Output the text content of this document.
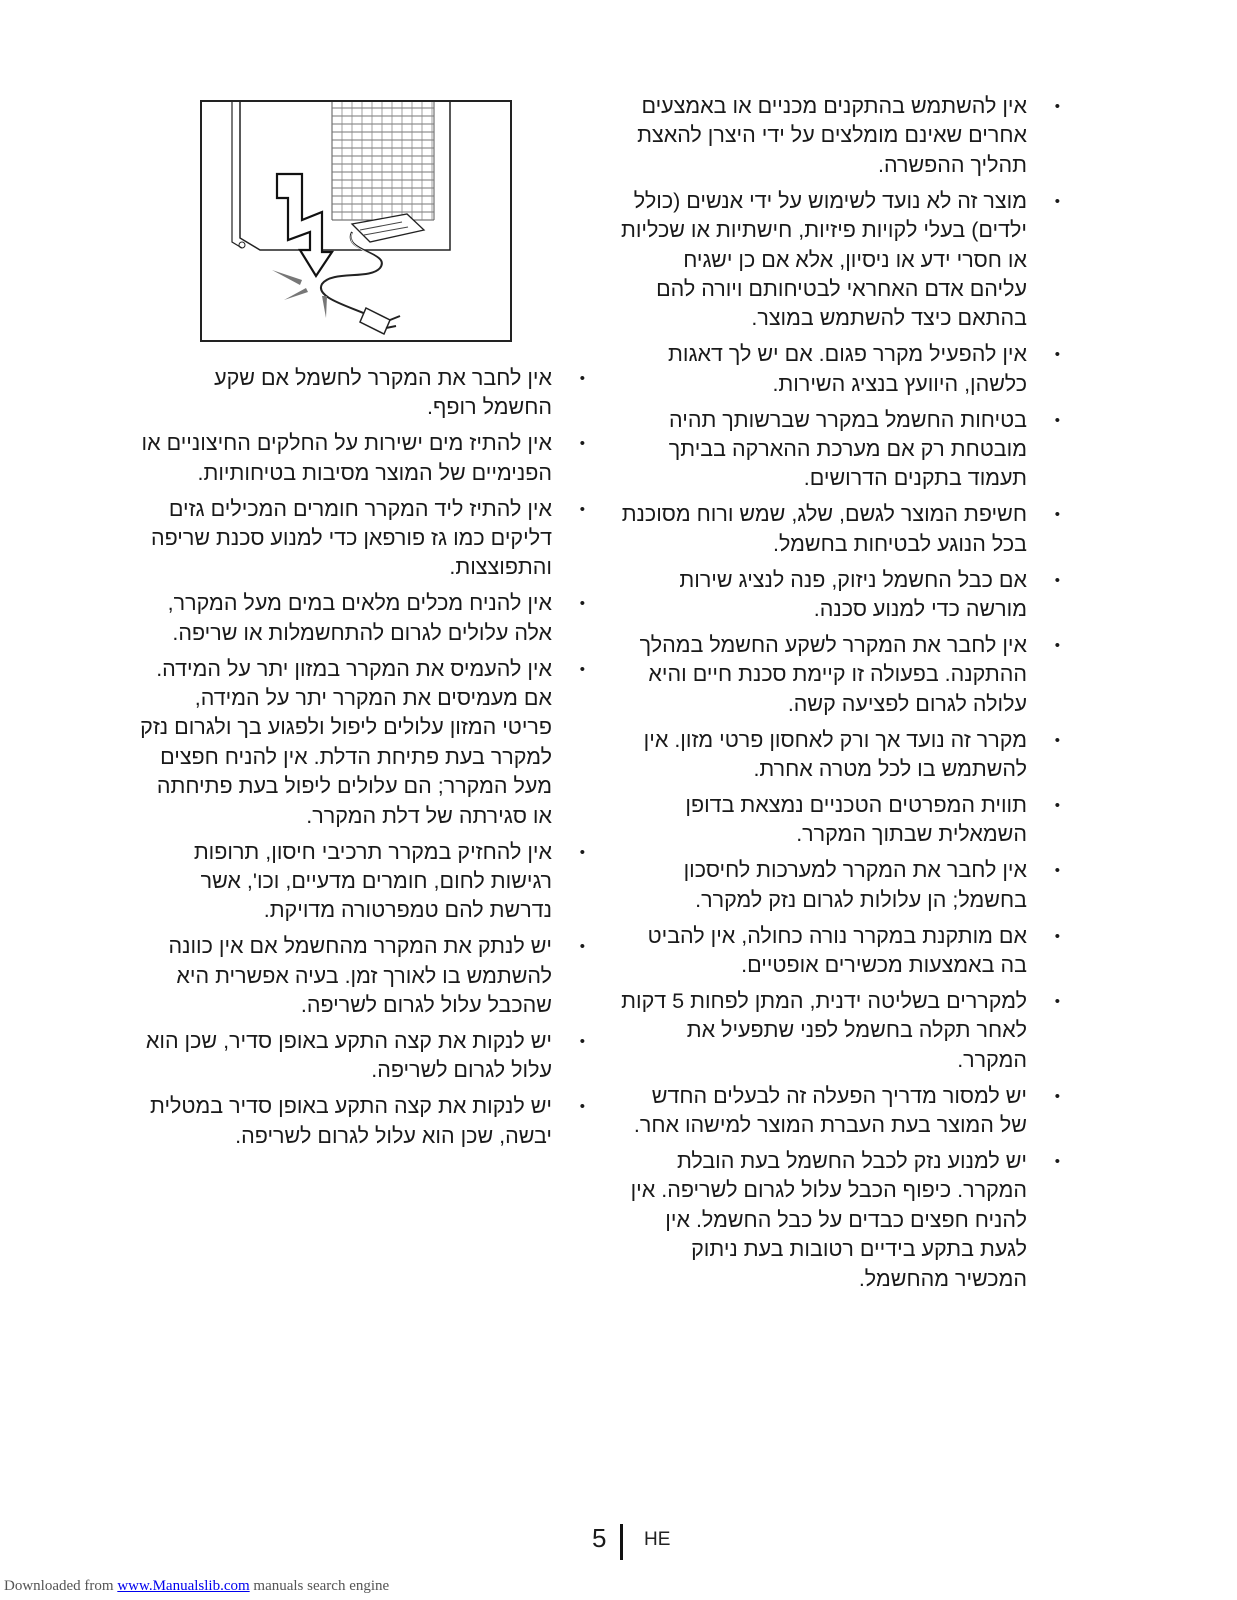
•
אין להשתמש בהתקנים מכניים או באמצעים אחרים שאינם מומלצים על ידי היצרן להאצת תהליך ההפשרה.
•
מוצר זה לא נועד לשימוש על ידי אנשים (כולל ילדים) בעלי לקויות פיזיות, חישתיות או שכליות או חסרי ידע או ניסיון, אלא אם כן ישגיח עליהם אדם האחראי לבטיחותם ויורה להם בהתאם כיצד להשתמש במוצר.
•
אין להפעיל מקרר פגום. אם יש לך דאגות כלשהן, היוועץ בנציג השירות.
•
בטיחות החשמל במקרר שברשותך תהיה מובטחת רק אם מערכת ההארקה בביתך תעמוד בתקנים הדרושים.
•
חשיפת המוצר לגשם, שלג, שמש ורוח מסוכנת בכל הנוגע לבטיחות בחשמל.
•
אם כבל החשמל ניזוק, פנה לנציג שירות מורשה כדי למנוע סכנה.
•
אין לחבר את המקרר לשקע החשמל במהלך ההתקנה. בפעולה זו קיימת סכנת חיים והיא עלולה לגרום לפציעה קשה.
•
מקרר זה נועד אך ורק לאחסון פרטי מזון. אין להשתמש בו לכל מטרה אחרת.
•
תווית המפרטים הטכניים נמצאת בדופן השמאלית שבתוך המקרר.
•
אין לחבר את המקרר למערכות לחיסכון בחשמל; הן עלולות לגרום נזק למקרר.
•
אם מותקנת במקרר נורה כחולה, אין להביט בה באמצעות מכשירים אופטיים.
•
למקררים בשליטה ידנית, המתן לפחות 5 דקות לאחר תקלה בחשמל לפני שתפעיל את המקרר.
•
יש למסור מדריך הפעלה זה לבעלים החדש של המוצר בעת העברת המוצר למישהו אחר.
•
יש למנוע נזק לכבל החשמל בעת הובלת המקרר. כיפוף הכבל עלול לגרום לשריפה. אין להניח חפצים כבדים על כבל החשמל. אין לגעת בתקע בידיים רטובות בעת ניתוק המכשיר מהחשמל.
•
אין לחבר את המקרר לחשמל אם שקע החשמל רופף.
•
אין להתיז מים ישירות על החלקים החיצוניים או הפנימיים של המוצר מסיבות בטיחותיות.
•
אין להתיז ליד המקרר חומרים המכילים גזים דליקים כמו גז פורפאן כדי למנוע סכנת שריפה והתפוצצות.
•
אין להניח מכלים מלאים במים מעל המקרר, אלה עלולים לגרום להתחשמלות או שריפה.
•
אין להעמיס את המקרר במזון יתר על המידה. אם מעמיסים את המקרר יתר על המידה, פריטי המזון עלולים ליפול ולפגוע בך ולגרום נזק למקרר בעת פתיחת הדלת. אין להניח חפצים מעל המקרר; הם עלולים ליפול בעת פתיחתה או סגירתה של דלת המקרר.
•
אין להחזיק במקרר תרכיבי חיסון, תרופות רגישות לחום, חומרים מדעיים, וכו', אשר נדרשת להם טמפרטורה מדויקת.
•
יש לנתק את המקרר מהחשמל אם אין כוונה להשתמש בו לאורך זמן. בעיה אפשרית היא שהכבל עלול לגרום לשריפה.
•
יש לנקות את קצה התקע באופן סדיר, שכן הוא עלול לגרום לשריפה.
•
יש לנקות את קצה התקע באופן סדיר במטלית יבשה, שכן הוא עלול לגרום לשריפה.
5 HE
Downloaded from www.Manualslib.com manuals search engine
